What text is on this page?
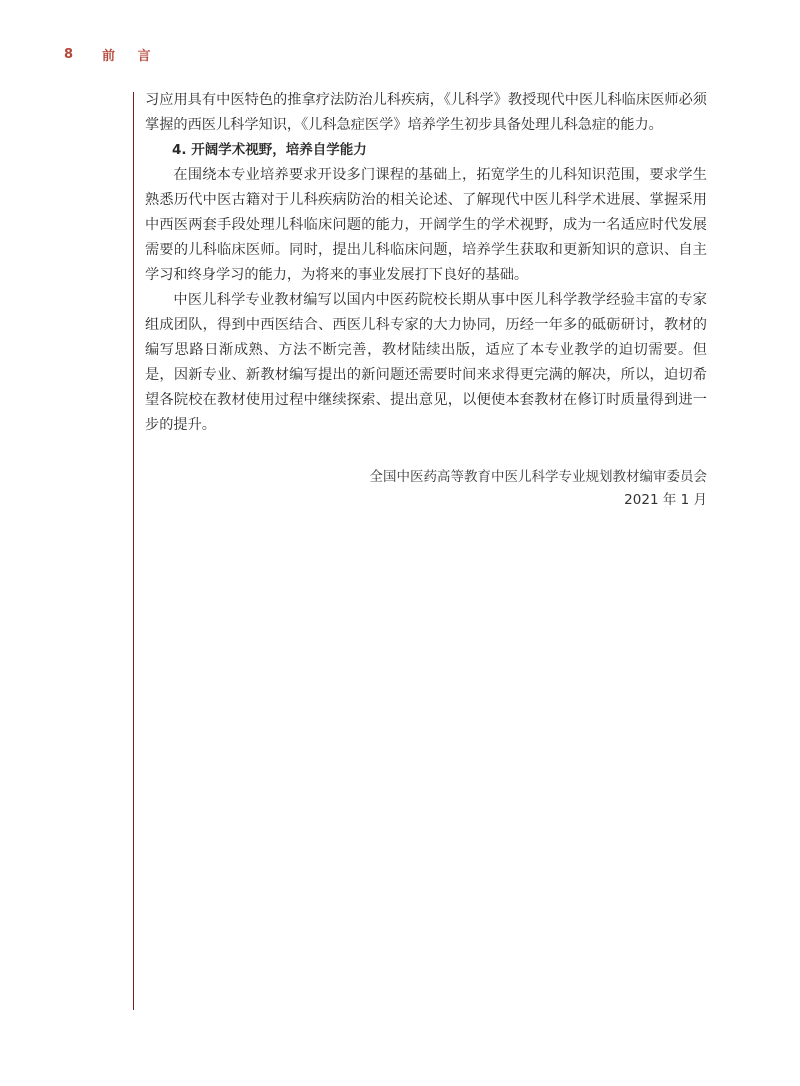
8	前 言

习应用具有中医特色的推拿疗法防治儿科疾病，《儿科学》教授现代中医儿科临床医师必须掌握的西医儿科学知识，《儿科急症医学》培养学生初步具备处理儿科急症的能力。

4. 开阔学术视野，培养自学能力

在围绕本专业培养要求开设多门课程的基础上，拓宽学生的儿科知识范围，要求学生熟悉历代中医古籍对于儿科疾病防治的相关论述、了解现代中医儿科学术进展、掌握采用中西医两套手段处理儿科临床问题的能力，开阔学生的学术视野，成为一名适应时代发展需要的儿科临床医师。同时，提出儿科临床问题，培养学生获取和更新知识的意识、自主学习和终身学习的能力，为将来的事业发展打下良好的基础。

中医儿科学专业教材编写以国内中医药院校长期从事中医儿科学教学经验丰富的专家组成团队，得到中西医结合、西医儿科专家的大力协同，历经一年多的砥砺研讨，教材的编写思路日渐成熟、方法不断完善，教材陆续出版，适应了本专业教学的迫切需要。但是，因新专业、新教材编写提出的新问题还需要时间来求得更完满的解决，所以，迫切希望各院校在教材使用过程中继续探索、提出意见，以便使本套教材在修订时质量得到进一步的提升。

全国中医药高等教育中医儿科学专业规划教材编审委员会
2021 年 1 月
